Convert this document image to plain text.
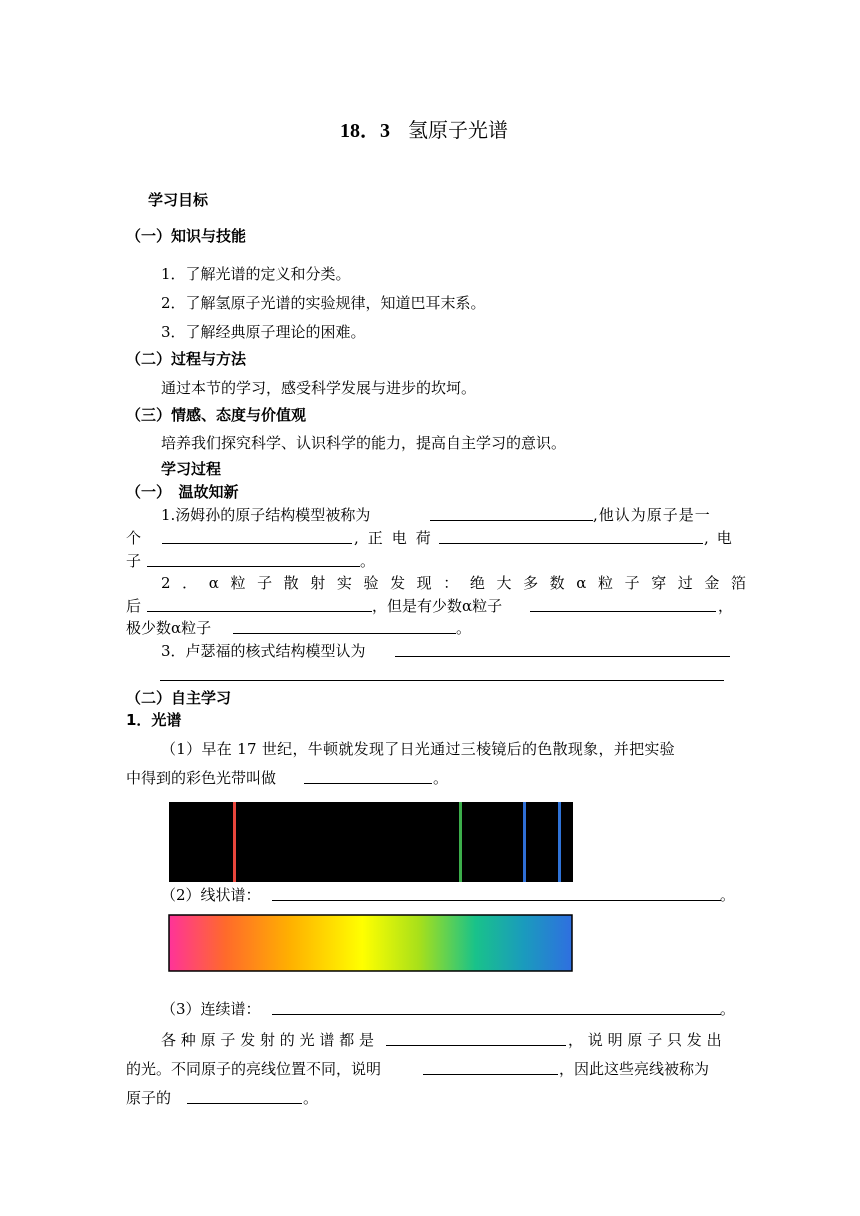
18．3 氢原子光谱
学习目标
（一）知识与技能
1．了解光谱的定义和分类。
2．了解氢原子光谱的实验规律，知道巴耳末系。
3．了解经典原子理论的困难。
（二）过程与方法
通过本节的学习，感受科学发展与进步的坎坷。
（三）情感、态度与价值观
培养我们探究科学、认识科学的能力，提高自主学习的意识。
学习过程
（一）　温故知新
1.汤姆孙的原子结构模型被称为	,他认为原子是一
个	,正电荷	,电
子	。
2．α粒子散射实验发现：绝大多数α粒子穿过金箔
后	，但是有少数α粒子	，
极少数α粒子	。
3．卢瑟福的核式结构模型认为
（二）自主学习
1．光谱
（1）早在 17 世纪，牛顿就发现了日光通过三棱镜后的色散现象，并把实验
中得到的彩色光带叫做	。
（2）线状谱：	。
（3）连续谱：	。
各种原子发射的光谱都是	，说明原子只发出
的光。不同原子的亮线位置不同，说明	，因此这些亮线被称为
原子的	。
